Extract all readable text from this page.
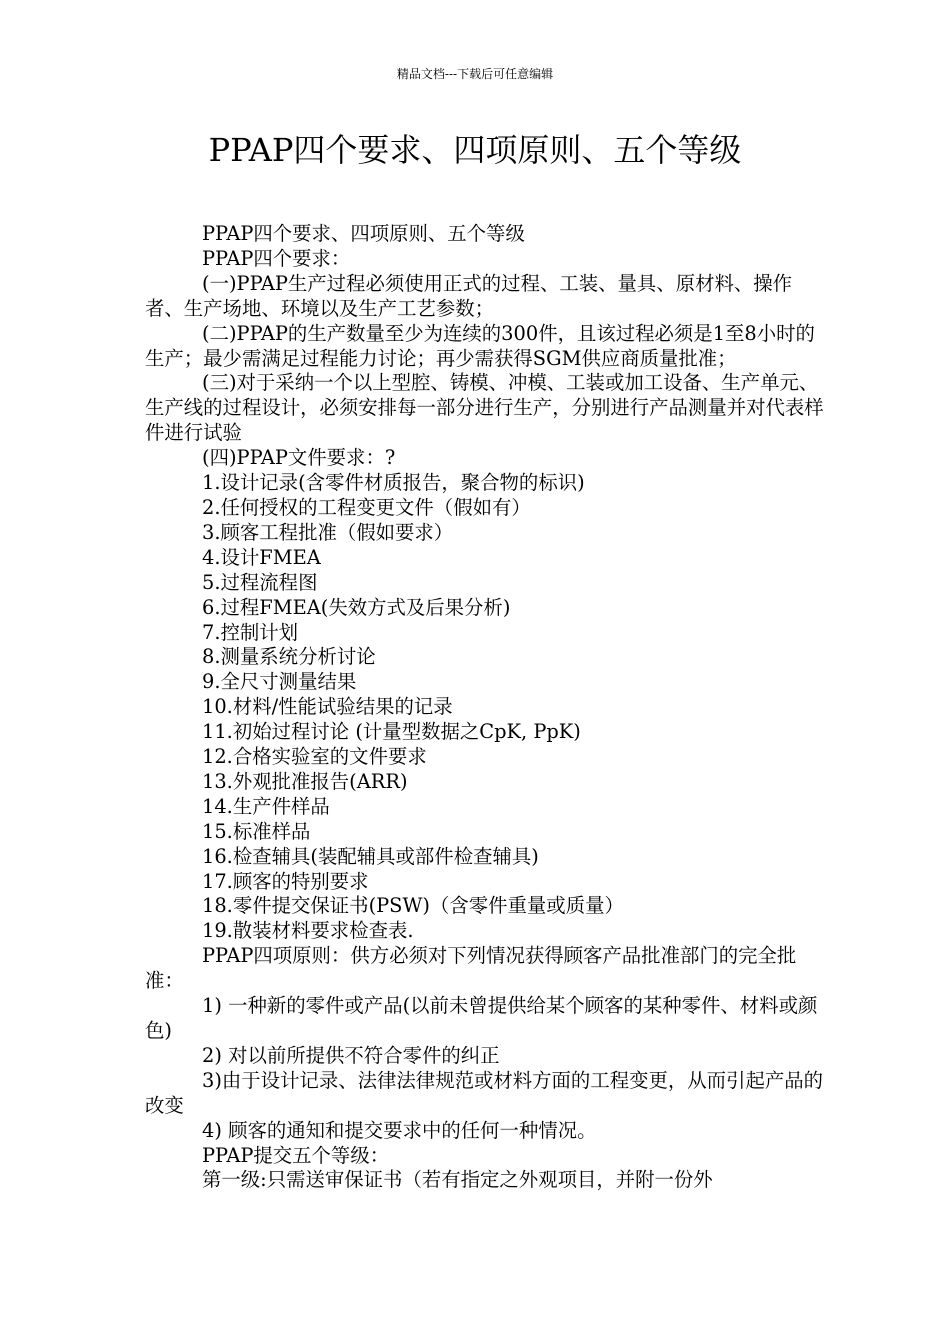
精品文档---下载后可任意编辑
PPAP四个要求、四项原则、五个等级

PPAP四个要求、四项原则、五个等级

PPAP四个要求：

(一)PPAP生产过程必须使用正式的过程、工装、量具、原材料、操作者、生产场地、环境以及生产工艺参数；

(二)PPAP的生产数量至少为连续的300件，且该过程必须是1至8小时的生产；最少需满足过程能力讨论；再少需获得SGM供应商质量批准；

(三)对于采纳一个以上型腔、铸模、冲模、工装或加工设备、生产单元、生产线的过程设计，必须安排每一部分进行生产，分别进行产品测量并对代表样件进行试验

(四)PPAP文件要求：?

1.设计记录(含零件材质报告，聚合物的标识)

2.任何授权的工程变更文件（假如有）

3.顾客工程批准（假如要求）

4.设计FMEA

5.过程流程图

6.过程FMEA(失效方式及后果分析)

7.控制计划

8.测量系统分析讨论

9.全尺寸测量结果

10.材料/性能试验结果的记录

11.初始过程讨论 (计量型数据之CpK, PpK)

12.合格实验室的文件要求

13.外观批准报告(ARR)

14.生产件样品

15.标准样品

16.检查辅具(装配辅具或部件检查辅具)

17.顾客的特别要求

18.零件提交保证书(PSW)（含零件重量或质量）

19.散装材料要求检查表.

PPAP四项原则：供方必须对下列情况获得顾客产品批准部门的完全批准：

1) 一种新的零件或产品(以前未曾提供给某个顾客的某种零件、材料或颜色)

2) 对以前所提供不符合零件的纠正

3)由于设计记录、法律法律规范或材料方面的工程变更，从而引起产品的改变

4) 顾客的通知和提交要求中的任何一种情况。

PPAP提交五个等级：

第一级:只需送审保证书（若有指定之外观项目，并附一份外
